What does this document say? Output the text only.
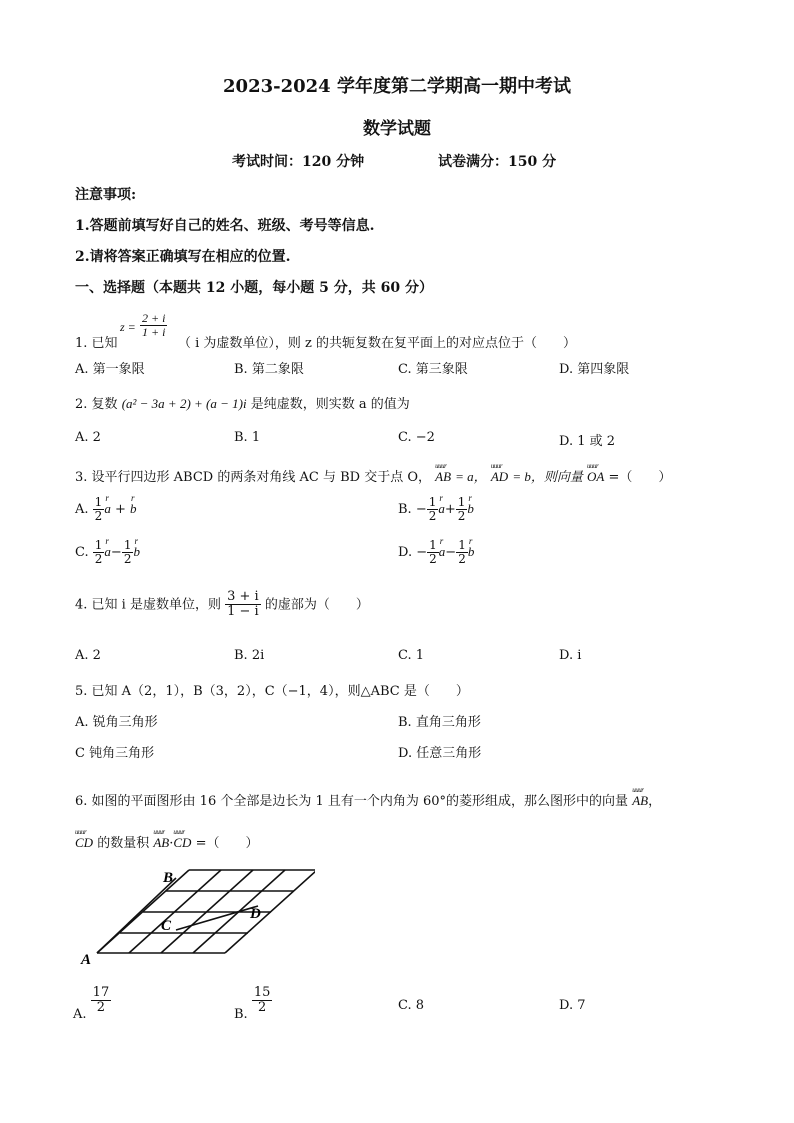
2023-2024 学年度第二学期高一期中考试
数学试题
考试时间：120 分钟	试卷满分：150 分
注意事项:
1.答题前填写好自己的姓名、班级、考号等信息.
2.请将答案正确填写在相应的位置.
一、选择题（本题共 12 小题，每小题 5 分，共 60 分）
1. 已知
$z = \frac{2 + i}{1 + i}$
（ i 为虚数单位），则 z 的共轭复数在复平面上的对应点位于（　　）
A. 第一象限	B. 第二象限	C. 第三象限	D. 第四象限
2. 复数 (a² − 3a + 2) + (a − 1)i 是纯虚数，则实数 a 的值为
A. 2	B. 1	C. −2	D. 1 或 2
3. 设平行四边形 ABCD 的两条对角线 AC 与 BD 交于点 O， uuur AB = a， uuur AD = b，则向量 uuur OA =（　　）
A. $\frac{1}{2}$ r a + r b	B. − $\frac{1}{2}$ r $a+ \frac{1}{2}$ r b
C. $\frac{1}{2}$ r $a- \frac{1}{2}$ r b	D. − $\frac{1}{2}$ r $a- \frac{1}{2}$ r b
4. 已知 i 是虚数单位，则 $\frac{3 + i}{1 - i}$ 的虚部为（　　）
A. 2	B. 2i	C. 1	D. i
5. 已知 A（2，1），B（3，2），C（−1，4），则△ABC 是（　　）
A. 锐角三角形	B. 直角三角形
C 钝角三角形	D. 任意三角形
6. 如图的平面图形由 16 个全部是边长为 1 且有一个内角为 60°的菱形组成，那么图形中的向量 uuur AB，
uuur CD 的数量积 uuur AB·uuur CD =（　　）
A
B
C
D
A. $\frac{17}{2}$	B. $\frac{15}{2}$	C. 8	D. 7
